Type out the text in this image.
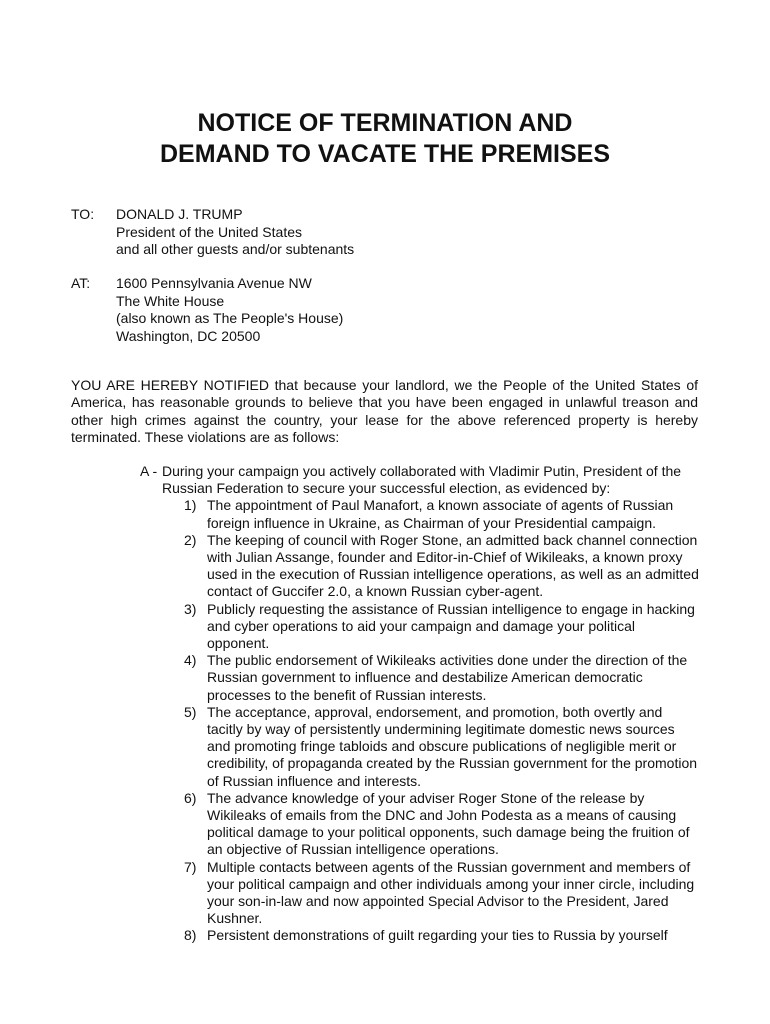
NOTICE OF TERMINATION AND
DEMAND TO VACATE THE PREMISES
TO:	DONALD J. TRUMP
President of the United States
and all other guests and/or subtenants
AT:	1600 Pennsylvania Avenue NW
The White House
(also known as The People's House)
Washington, DC 20500
YOU ARE HEREBY NOTIFIED that because your landlord, we the People of the United States of America, has reasonable grounds to believe that you have been engaged in unlawful treason and other high crimes against the country, your lease for the above referenced property is hereby terminated. These violations are as follows:
A - During your campaign you actively collaborated with Vladimir Putin, President of the Russian Federation to secure your successful election, as evidenced by:
1) The appointment of Paul Manafort, a known associate of agents of Russian foreign influence in Ukraine, as Chairman of your Presidential campaign.
2) The keeping of council with Roger Stone, an admitted back channel connection with Julian Assange, founder and Editor-in-Chief of Wikileaks, a known proxy used in the execution of Russian intelligence operations, as well as an admitted contact of Guccifer 2.0, a known Russian cyber-agent.
3) Publicly requesting the assistance of Russian intelligence to engage in hacking and cyber operations to aid your campaign and damage your political opponent.
4) The public endorsement of Wikileaks activities done under the direction of the Russian government to influence and destabilize American democratic processes to the benefit of Russian interests.
5) The acceptance, approval, endorsement, and promotion, both overtly and tacitly by way of persistently undermining legitimate domestic news sources and promoting fringe tabloids and obscure publications of negligible merit or credibility, of propaganda created by the Russian government for the promotion of Russian influence and interests.
6) The advance knowledge of your adviser Roger Stone of the release by Wikileaks of emails from the DNC and John Podesta as a means of causing political damage to your political opponents, such damage being the fruition of an objective of Russian intelligence operations.
7) Multiple contacts between agents of the Russian government and members of your political campaign and other individuals among your inner circle, including your son-in-law and now appointed Special Advisor to the President, Jared Kushner.
8) Persistent demonstrations of guilt regarding your ties to Russia by yourself
